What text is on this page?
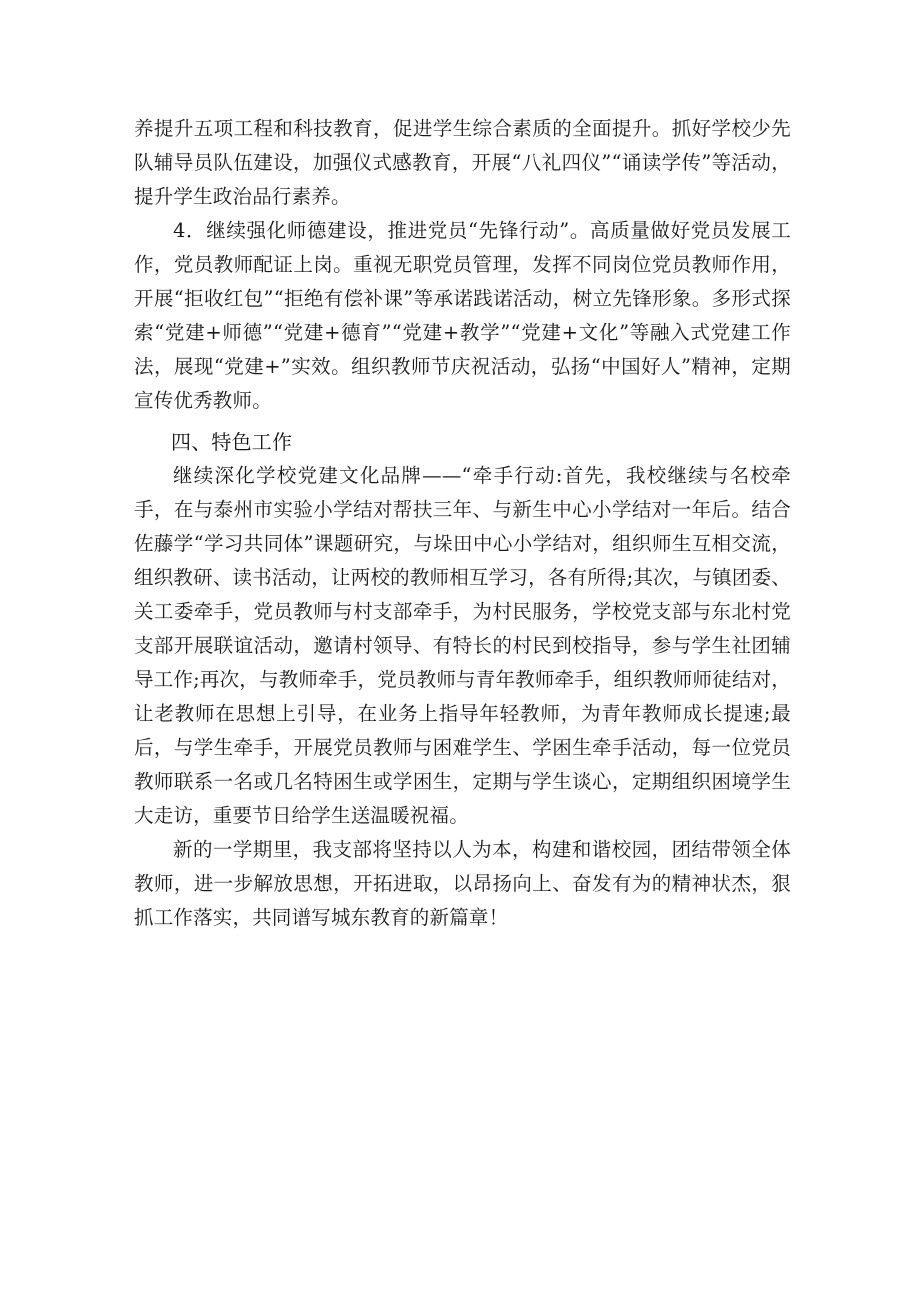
养提升五项工程和科技教育，促进学生综合素质的全面提升。抓好学校少先队辅导员队伍建设，加强仪式感教育，开展“八礼四仪”“诵读学传”等活动，提升学生政治品行素养。

4．继续强化师德建设，推进党员“先锋行动”。高质量做好党员发展工作，党员教师配证上岗。重视无职党员管理，发挥不同岗位党员教师作用，开展“拒收红包”“拒绝有偿补课”等承诺践诺活动，树立先锋形象。多形式探索“党建+师德”“党建+德育”“党建+教学”“党建+文化”等融入式党建工作法，展现“党建+”实效。组织教师节庆祝活动，弘扬“中国好人”精神，定期宣传优秀教师。

四、特色工作

继续深化学校党建文化品牌——“牵手行动:首先，我校继续与名校牵手，在与泰州市实验小学结对帮扶三年、与新生中心小学结对一年后。结合佐藤学“学习共同体”课题研究，与垛田中心小学结对，组织师生互相交流，组织教研、读书活动，让两校的教师相互学习，各有所得;其次，与镇团委、关工委牵手，党员教师与村支部牵手，为村民服务，学校党支部与东北村党支部开展联谊活动，邀请村领导、有特长的村民到校指导，参与学生社团辅导工作;再次，与教师牵手，党员教师与青年教师牵手，组织教师师徒结对，让老教师在思想上引导，在业务上指导年轻教师，为青年教师成长提速;最后，与学生牵手，开展党员教师与困难学生、学困生牵手活动，每一位党员教师联系一名或几名特困生或学困生，定期与学生谈心，定期组织困境学生大走访，重要节日给学生送温暖祝福。

新的一学期里，我支部将坚持以人为本，构建和谐校园，团结带领全体教师，进一步解放思想，开拓进取，以昂扬向上、奋发有为的精神状杰，狠抓工作落实，共同谱写城东教育的新篇章！
